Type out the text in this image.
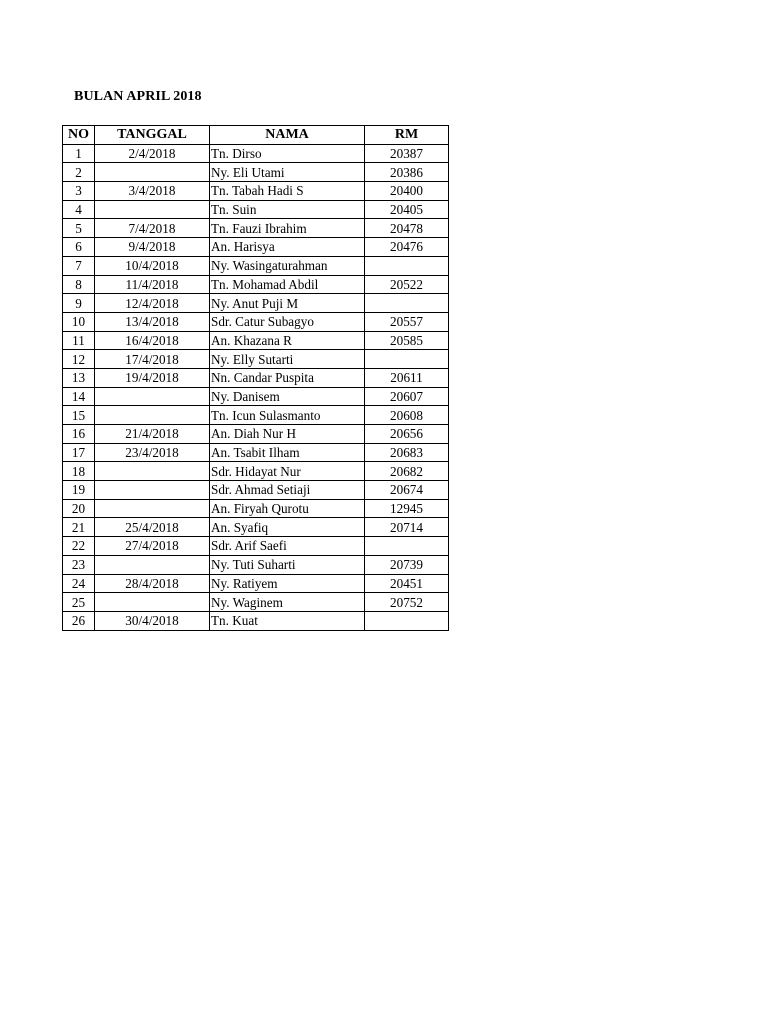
BULAN APRIL 2018
NO	TANGGAL	NAMA	RM
1	2/4/2018	Tn. Dirso	20387
2		Ny. Eli Utami	20386
3	3/4/2018	Tn. Tabah Hadi S	20400
4		Tn. Suin	20405
5	7/4/2018	Tn. Fauzi Ibrahim	20478
6	9/4/2018	An. Harisya	20476
7	10/4/2018	Ny. Wasingaturahman	
8	11/4/2018	Tn. Mohamad Abdil	20522
9	12/4/2018	Ny. Anut Puji M	
10	13/4/2018	Sdr. Catur Subagyo	20557
11	16/4/2018	An. Khazana R	20585
12	17/4/2018	Ny. Elly Sutarti	
13	19/4/2018	Nn. Candar Puspita	20611
14		Ny. Danisem	20607
15		Tn. Icun Sulasmanto	20608
16	21/4/2018	An. Diah Nur H	20656
17	23/4/2018	An. Tsabit Ilham	20683
18		Sdr. Hidayat Nur	20682
19		Sdr. Ahmad Setiaji	20674
20		An. Firyah Qurotu	12945
21	25/4/2018	An. Syafiq	20714
22	27/4/2018	Sdr. Arif Saefi	
23		Ny. Tuti Suharti	20739
24	28/4/2018	Ny. Ratiyem	20451
25		Ny. Waginem	20752
26	30/4/2018	Tn. Kuat	
